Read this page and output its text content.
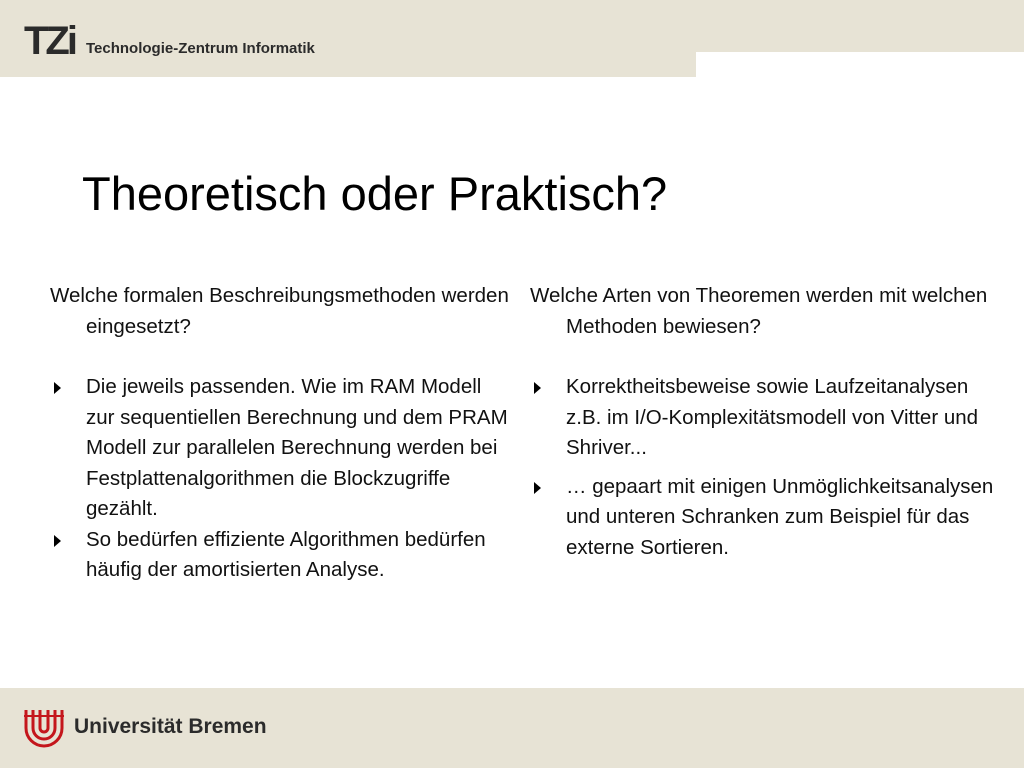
TZi Technologie-Zentrum Informatik
Theoretisch oder Praktisch?

Welche formalen Beschreibungsmethoden werden eingesetzt?

Die jeweils passenden. Wie im RAM Modell zur sequentiellen Berechnung und dem PRAM Modell zur parallelen Berechnung werden bei Festplattenalgorithmen die Blockzugriffe gezählt.
So bedürfen effiziente Algorithmen bedürfen häufig der amortisierten Analyse.

Welche Arten von Theoremen werden mit welchen Methoden bewiesen?

Korrektheitsbeweise sowie Laufzeitanalysen z.B. im I/O-Komplexitätsmodell von Vitter und Shriver...
… gepaart mit einigen Unmöglichkeitsanalysen und unteren Schranken zum Beispiel für das externe Sortieren.
Universität Bremen
